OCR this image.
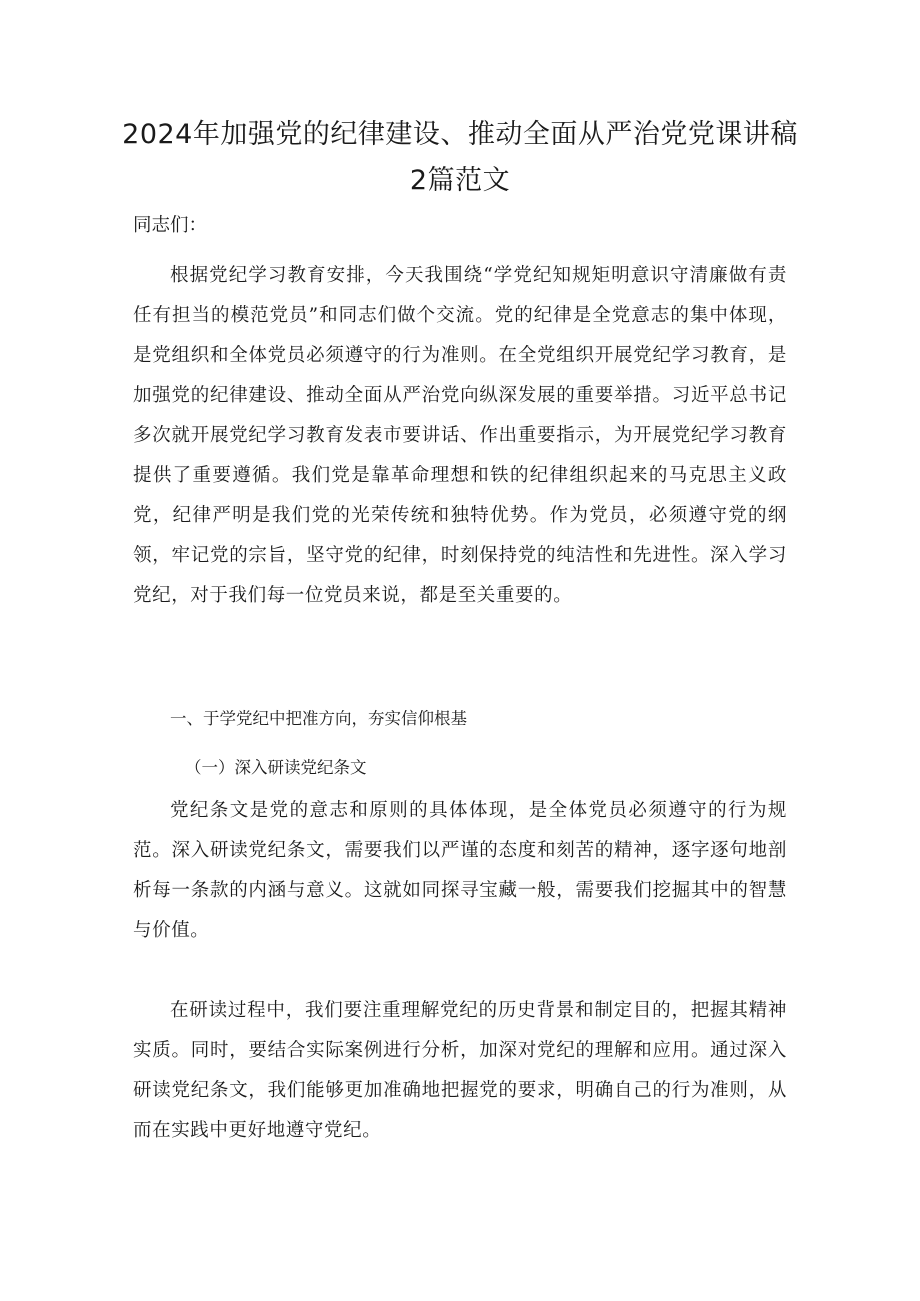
2024年加强党的纪律建设、推动全面从严治党党课讲稿2篇范文

同志们：

根据党纪学习教育安排，今天我围绕“学党纪知规矩明意识守清廉做有责任有担当的模范党员”和同志们做个交流。党的纪律是全党意志的集中体现，是党组织和全体党员必须遵守的行为准则。在全党组织开展党纪学习教育，是加强党的纪律建设、推动全面从严治党向纵深发展的重要举措。习近平总书记多次就开展党纪学习教育发表市要讲话、作出重要指示，为开展党纪学习教育提供了重要遵循。我们党是靠革命理想和铁的纪律组织起来的马克思主义政党，纪律严明是我们党的光荣传统和独特优势。作为党员，必须遵守党的纲领，牢记党的宗旨，坚守党的纪律，时刻保持党的纯洁性和先进性。深入学习党纪，对于我们每一位党员来说，都是至关重要的。

一、于学党纪中把准方向，夯实信仰根基
（一）深入研读党纪条文

党纪条文是党的意志和原则的具体体现，是全体党员必须遵守的行为规范。深入研读党纪条文，需要我们以严谨的态度和刻苦的精神，逐字逐句地剖析每一条款的内涵与意义。这就如同探寻宝藏一般，需要我们挖掘其中的智慧与价值。

在研读过程中，我们要注重理解党纪的历史背景和制定目的，把握其精神实质。同时，要结合实际案例进行分析，加深对党纪的理解和应用。通过深入研读党纪条文，我们能够更加准确地把握党的要求，明确自己的行为准则，从而在实践中更好地遵守党纪。
